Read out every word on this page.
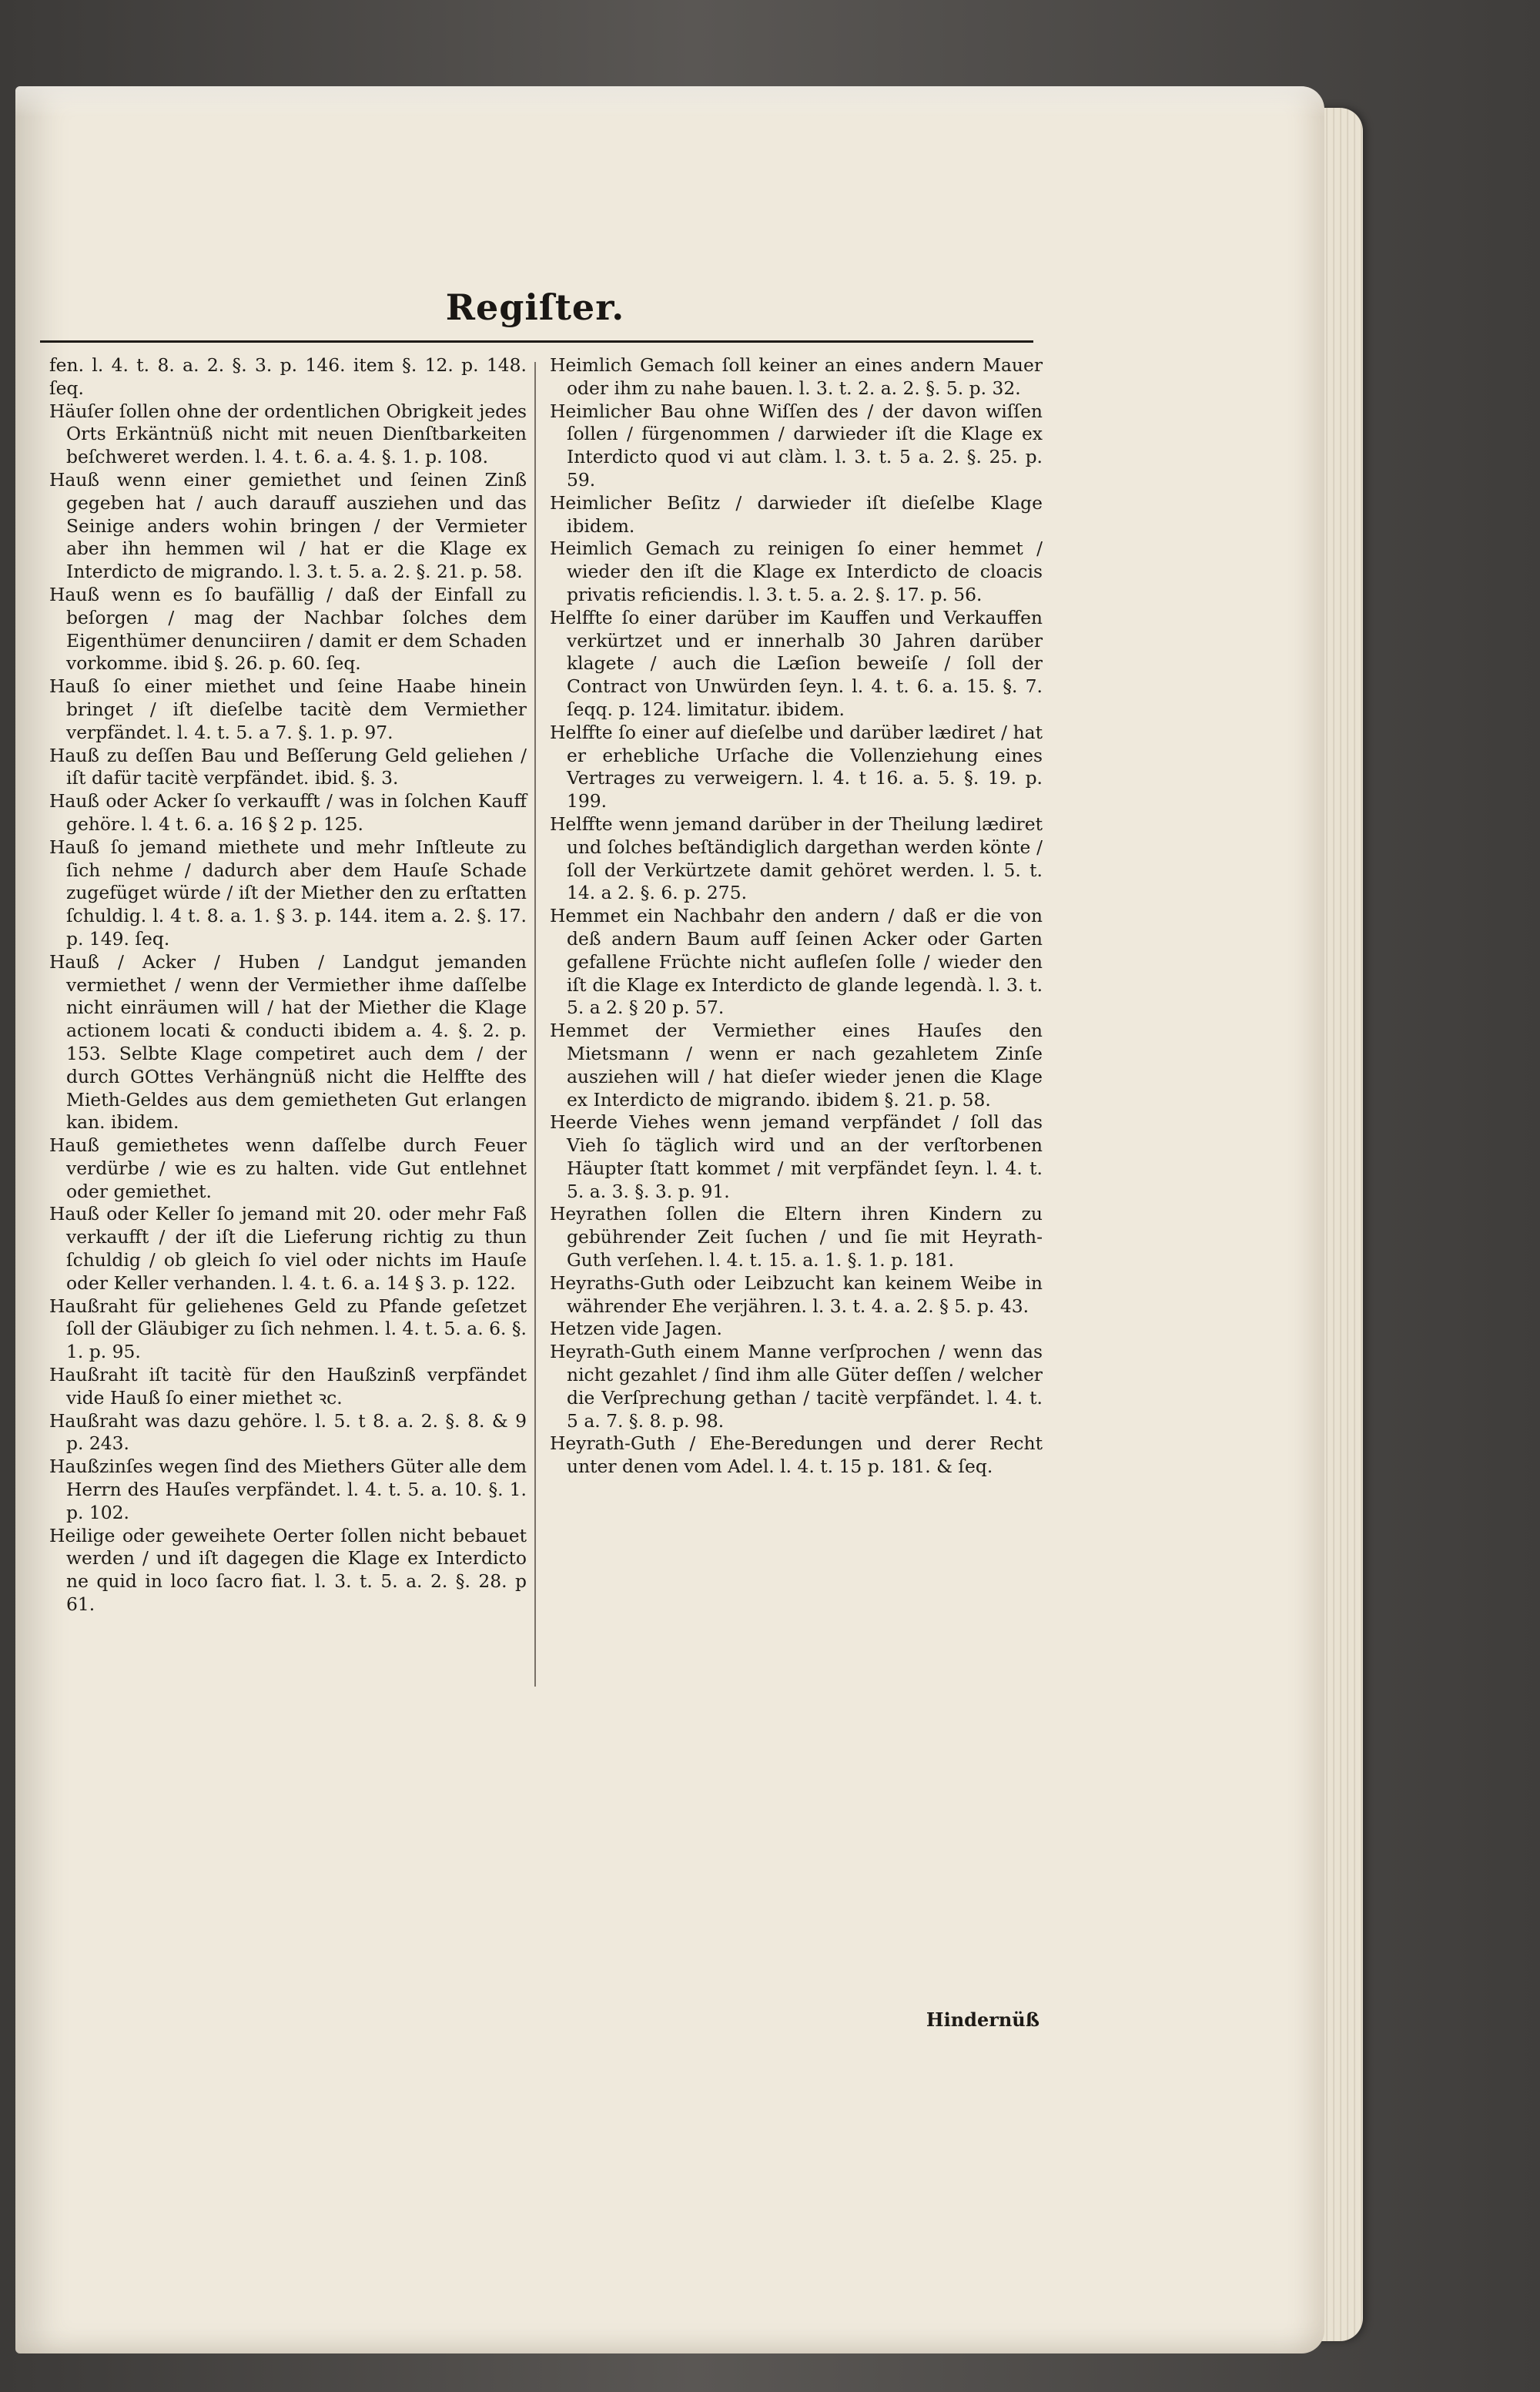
Regiſter.
fen. l. 4. t. 8. a. 2. §. 3. p. 146. item §. 12. p. 148. ſeq.
Häuſer ſollen ohne der ordentlichen Obrigkeit jedes Orts Erkäntnüß nicht mit neuen Dienſtbarkeiten beſchweret werden. l. 4. t. 6. a. 4. §. 1. p. 108.
Hauß wenn einer gemiethet und ſeinen Zinß gegeben hat / auch darauff ausziehen und das Seinige anders wohin bringen / der Vermieter aber ihn hemmen wil / hat er die Klage ex Interdicto de migrando. l. 3. t. 5. a. 2. §. 21. p. 58.
Hauß wenn es ſo baufällig / daß der Einfall zu beſorgen / mag der Nachbar ſolches dem Eigenthümer denunciiren / damit er dem Schaden vorkomme. ibid §. 26. p. 60. ſeq.
Hauß ſo einer miethet und ſeine Haabe hinein bringet / iſt dieſelbe tacitè dem Vermiether verpfändet. l. 4. t. 5. a 7. §. 1. p. 97.
Hauß zu deſſen Bau und Beſſerung Geld geliehen / iſt dafür tacitè verpfändet. ibid. §. 3.
Hauß oder Acker ſo verkaufft / was in ſolchen Kauff gehöre. l. 4 t. 6. a. 16 § 2 p. 125.
Hauß ſo jemand miethete und mehr Inſtleute zu ſich nehme / dadurch aber dem Hauſe Schade zugefüget würde / iſt der Miether den zu erſtatten ſchuldig. l. 4 t. 8. a. 1. § 3. p. 144. item a. 2. §. 17. p. 149. ſeq.
Hauß / Acker / Huben / Landgut jemanden vermiethet / wenn der Vermiether ihme daſſelbe nicht einräumen will / hat der Miether die Klage actionem locati & conducti ibidem a. 4. §. 2. p. 153. Selbte Klage competiret auch dem / der durch GOttes Verhängnüß nicht die Helffte des Mieth-Geldes aus dem gemietheten Gut erlangen kan. ibidem.
Hauß gemiethetes wenn daſſelbe durch Feuer verdürbe / wie es zu halten. vide Gut entlehnet oder gemiethet.
Hauß oder Keller ſo jemand mit 20. oder mehr Faß verkaufft / der iſt die Lieferung richtig zu thun ſchuldig / ob gleich ſo viel oder nichts im Hauſe oder Keller verhanden. l. 4. t. 6. a. 14 § 3. p. 122.
Haußraht für geliehenes Geld zu Pfande geſetzet ſoll der Gläubiger zu ſich nehmen. l. 4. t. 5. a. 6. §. 1. p. 95.
Haußraht iſt tacitè für den Haußzinß verpfändet vide Hauß ſo einer miethet ꝛc.
Haußraht was dazu gehöre. l. 5. t 8. a. 2. §. 8. & 9 p. 243.
Haußzinſes wegen ſind des Miethers Güter alle dem Herrn des Hauſes verpfändet. l. 4. t. 5. a. 10. §. 1. p. 102.
Heilige oder geweihete Oerter ſollen nicht bebauet werden / und iſt dagegen die Klage ex Interdicto ne quid in loco ſacro fiat. l. 3. t. 5. a. 2. §. 28. p 61.
Heimlich Gemach ſoll keiner an eines andern Mauer oder ihm zu nahe bauen. l. 3. t. 2. a. 2. §. 5. p. 32.
Heimlicher Bau ohne Wiſſen des / der davon wiſſen ſollen / fürgenommen / darwieder iſt die Klage ex Interdicto quod vi aut clàm. l. 3. t. 5 a. 2. §. 25. p. 59.
Heimlicher Beſitz / darwieder iſt dieſelbe Klage ibidem.
Heimlich Gemach zu reinigen ſo einer hemmet / wieder den iſt die Klage ex Interdicto de cloacis privatis reficiendis. l. 3. t. 5. a. 2. §. 17. p. 56.
Helffte ſo einer darüber im Kauffen und Verkauffen verkürtzet und er innerhalb 30 Jahren darüber klagete / auch die Læſion beweiſe / ſoll der Contract von Unwürden ſeyn. l. 4. t. 6. a. 15. §. 7. ſeqq. p. 124. limitatur. ibidem.
Helffte ſo einer auf dieſelbe und darüber lædiret / hat er erhebliche Urſache die Vollenziehung eines Vertrages zu verweigern. l. 4. t 16. a. 5. §. 19. p. 199.
Helffte wenn jemand darüber in der Theilung lædiret und ſolches beſtändiglich dargethan werden könte / ſoll der Verkürtzete damit gehöret werden. l. 5. t. 14. a 2. §. 6. p. 275.
Hemmet ein Nachbahr den andern / daß er die von deß andern Baum auff ſeinen Acker oder Garten gefallene Früchte nicht aufleſen ſolle / wieder den iſt die Klage ex Interdicto de glande legendà. l. 3. t. 5. a 2. § 20 p. 57.
Hemmet der Vermiether eines Hauſes den Mietsmann / wenn er nach gezahletem Zinſe ausziehen will / hat dieſer wieder jenen die Klage ex Interdicto de migrando. ibidem §. 21. p. 58.
Heerde Viehes wenn jemand verpfändet / ſoll das Vieh ſo täglich wird und an der verſtorbenen Häupter ſtatt kommet / mit verpfändet ſeyn. l. 4. t. 5. a. 3. §. 3. p. 91.
Heyrathen ſollen die Eltern ihren Kindern zu gebührender Zeit ſuchen / und ſie mit Heyrath-Guth verſehen. l. 4. t. 15. a. 1. §. 1. p. 181.
Heyraths-Guth oder Leibzucht kan keinem Weibe in währender Ehe verjähren. l. 3. t. 4. a. 2. § 5. p. 43.
Hetzen vide Jagen.
Heyrath-Guth einem Manne verſprochen / wenn das nicht gezahlet / ſind ihm alle Güter deſſen / welcher die Verſprechung gethan / tacitè verpfändet. l. 4. t. 5 a. 7. §. 8. p. 98.
Heyrath-Guth / Ehe-Beredungen und derer Recht unter denen vom Adel. l. 4. t. 15 p. 181. & ſeq.
Hindernüß
